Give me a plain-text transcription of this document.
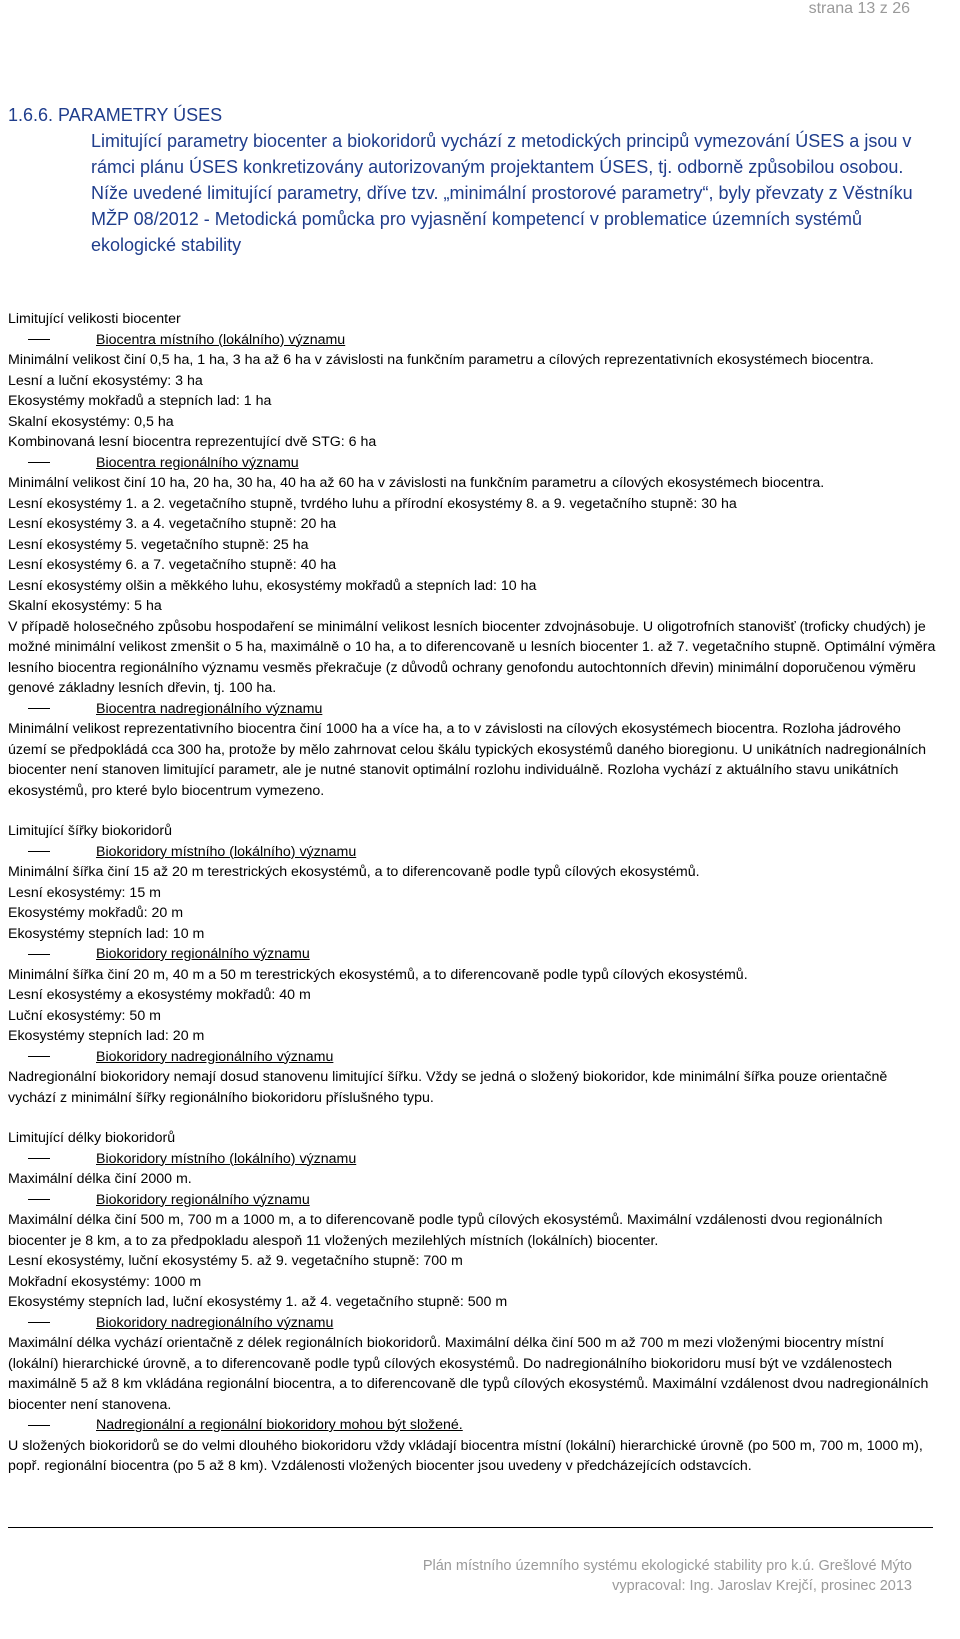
strana 13 z 26
1.6.6. PARAMETRY ÚSES

Limitující parametry biocenter a biokoridorů vychází z metodických principů vymezování ÚSES a jsou v rámci plánu ÚSES konkretizovány autorizovaným projektantem ÚSES, tj. odborně způsobilou osobou. Níže uvedené limitující parametry, dříve tzv. „minimální prostorové parametry“, byly převzaty z Věstníku MŽP 08/2012 - Metodická pomůcka pro vyjasnění kompetencí v problematice územních systémů ekologické stability

Limitující velikosti biocenter
Biocentra místního (lokálního) významu
Minimální velikost činí 0,5 ha, 1 ha, 3 ha až 6 ha v závislosti na funkčním parametru a cílových reprezentativních ekosystémech biocentra.
Lesní a luční ekosystémy: 3 ha
Ekosystémy mokřadů a stepních lad: 1 ha
Skalní ekosystémy: 0,5 ha
Kombinovaná lesní biocentra reprezentující dvě STG: 6 ha
Biocentra regionálního významu
Minimální velikost činí 10 ha, 20 ha, 30 ha, 40 ha až 60 ha v závislosti na funkčním parametru a cílových ekosystémech biocentra.
Lesní ekosystémy 1. a 2. vegetačního stupně, tvrdého luhu a přírodní ekosystémy 8. a 9. vegetačního stupně: 30 ha
Lesní ekosystémy 3. a 4. vegetačního stupně: 20 ha
Lesní ekosystémy 5. vegetačního stupně: 25 ha
Lesní ekosystémy 6. a 7. vegetačního stupně: 40 ha
Lesní ekosystémy olšin a měkkého luhu, ekosystémy mokřadů a stepních lad: 10 ha
Skalní ekosystémy: 5 ha
V případě holosečného způsobu hospodaření se minimální velikost lesních biocenter zdvojnásobuje. U oligotrofních stanovišť (troficky chudých) je možné minimální velikost zmenšit o 5 ha, maximálně o 10 ha, a to diferencovaně u lesních biocenter 1. až 7. vegetačního stupně. Optimální výměra lesního biocentra regionálního významu vesměs překračuje (z důvodů ochrany genofondu autochtonních dřevin) minimální doporučenou výměru genové základny lesních dřevin, tj. 100 ha.
Biocentra nadregionálního významu
Minimální velikost reprezentativního biocentra činí 1000 ha a více ha, a to v závislosti na cílových ekosystémech biocentra. Rozloha jádrového území se předpokládá cca 300 ha, protože by mělo zahrnovat celou škálu typických ekosystémů daného bioregionu. U unikátních nadregionálních biocenter není stanoven limitující parametr, ale je nutné stanovit optimální rozlohu individuálně. Rozloha vychází z aktuálního stavu unikátních ekosystémů, pro které bylo biocentrum vymezeno.
Limitující šířky biokoridorů
Biokoridory místního (lokálního) významu
Minimální šířka činí 15 až 20 m terestrických ekosystémů, a to diferencovaně podle typů cílových ekosystémů.
Lesní ekosystémy: 15 m
Ekosystémy mokřadů: 20 m
Ekosystémy stepních lad: 10 m
Biokoridory regionálního významu
Minimální šířka činí 20 m, 40 m a 50 m terestrických ekosystémů, a to diferencovaně podle typů cílových ekosystémů.
Lesní ekosystémy a ekosystémy mokřadů: 40 m
Luční ekosystémy: 50 m
Ekosystémy stepních lad: 20 m
Biokoridory nadregionálního významu
Nadregionální biokoridory nemají dosud stanovenu limitující šířku. Vždy se jedná o složený biokoridor, kde minimální šířka pouze orientačně vychází z minimální šířky regionálního biokoridoru příslušného typu.
Limitující délky biokoridorů
Biokoridory místního (lokálního) významu
Maximální délka činí 2000 m.
Biokoridory regionálního významu
Maximální délka činí 500 m, 700 m a 1000 m, a to diferencovaně podle typů cílových ekosystémů. Maximální vzdálenosti dvou regionálních biocenter je 8 km, a to za předpokladu alespoň 11 vložených mezilehlých místních (lokálních) biocenter.
Lesní ekosystémy, luční ekosystémy 5. až 9. vegetačního stupně: 700 m
Mokřadní ekosystémy: 1000 m
Ekosystémy stepních lad, luční ekosystémy 1. až 4. vegetačního stupně: 500 m
Biokoridory nadregionálního významu
Maximální délka vychází orientačně z délek regionálních biokoridorů. Maximální délka činí 500 m až 700 m mezi vloženými biocentry místní (lokální) hierarchické úrovně, a to diferencovaně podle typů cílových ekosystémů. Do nadregionálního biokoridoru musí být ve vzdálenostech maximálně 5 až 8 km vkládána regionální biocentra, a to diferencovaně dle typů cílových ekosystémů. Maximální vzdálenost dvou nadregionálních biocenter není stanovena.
Nadregionální a regionální biokoridory mohou být složené.
U složených biokoridorů se do velmi dlouhého biokoridoru vždy vkládají biocentra místní (lokální) hierarchické úrovně (po 500 m, 700 m, 1000 m), popř. regionální biocentra (po 5 až 8 km). Vzdálenosti vložených biocenter jsou uvedeny v předcházejících odstavcích.
Plán místního územního systému ekologické stability pro k.ú. Grešlové Mýto
vypracoval: Ing. Jaroslav Krejčí, prosinec 2013
